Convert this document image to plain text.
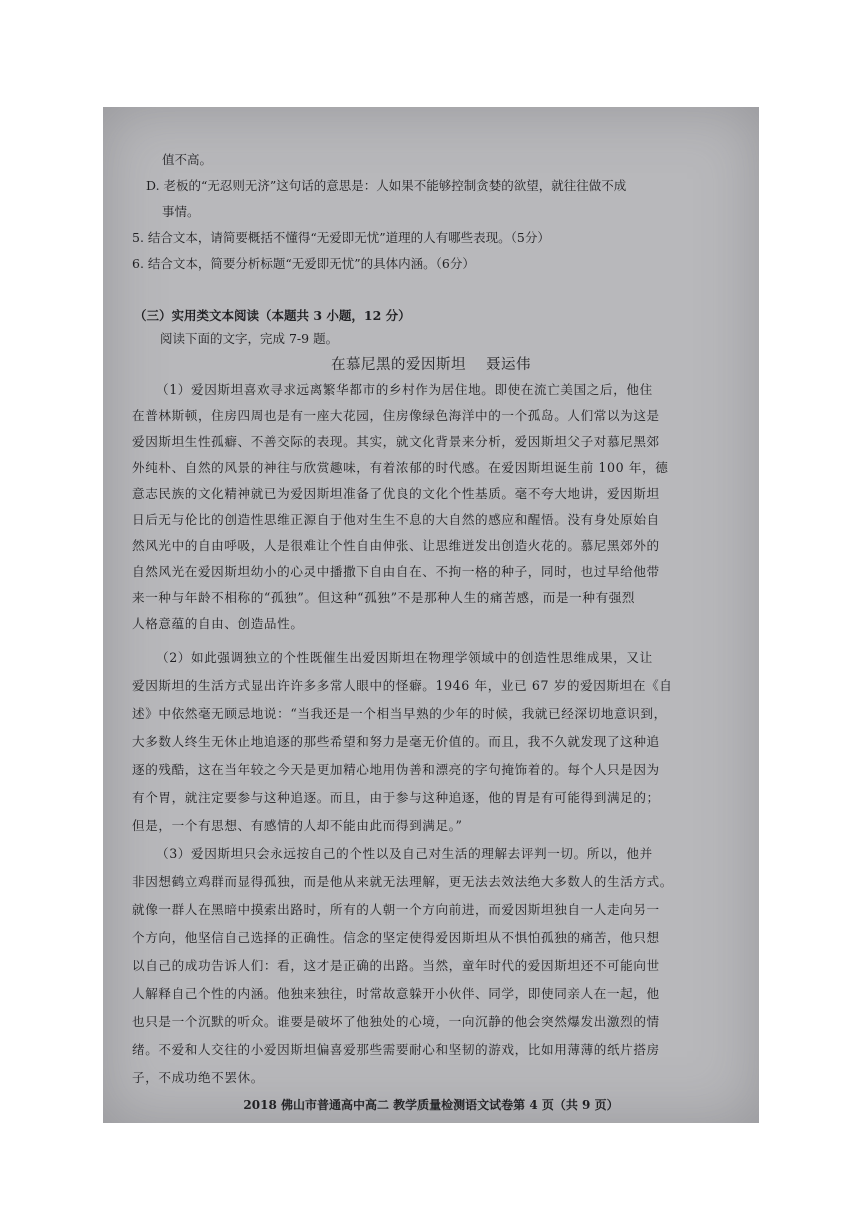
值不高。
D. 老板的“无忍则无济”这句话的意思是：人如果不能够控制贪婪的欲望，就往往做不成
事情。
5. 结合文本，请简要概括不懂得“无爱即无忧”道理的人有哪些表现。（5分）
6. 结合文本，简要分析标题“无爱即无忧”的具体内涵。（6分）
（三）实用类文本阅读（本题共 3 小题，12 分）
阅读下面的文字，完成 7-9 题。
在慕尼黑的爱因斯坦 聂运伟
（1）爱因斯坦喜欢寻求远离繁华都市的乡村作为居住地。即使在流亡美国之后，他住
在普林斯顿，住房四周也是有一座大花园，住房像绿色海洋中的一个孤岛。人们常以为这是
爱因斯坦生性孤癖、不善交际的表现。其实，就文化背景来分析，爱因斯坦父子对慕尼黑郊
外纯朴、自然的风景的神往与欣赏趣味，有着浓郁的时代感。在爱因斯坦诞生前 100 年，德
意志民族的文化精神就已为爱因斯坦准备了优良的文化个性基质。毫不夸大地讲，爱因斯坦
日后无与伦比的创造性思维正源自于他对生生不息的大自然的感应和醒悟。没有身处原始自
然风光中的自由呼吸，人是很难让个性自由伸张、让思维迸发出创造火花的。慕尼黑郊外的
自然风光在爱因斯坦幼小的心灵中播撒下自由自在、不拘一格的种子，同时，也过早给他带
来一种与年龄不相称的“孤独”。但这种“孤独”不是那种人生的痛苦感，而是一种有强烈
人格意蕴的自由、创造品性。
（2）如此强调独立的个性既催生出爱因斯坦在物理学领域中的创造性思维成果，又让
爱因斯坦的生活方式显出许许多多常人眼中的怪癖。1946 年，业已 67 岁的爱因斯坦在《自
述》中依然毫无顾忌地说：“当我还是一个相当早熟的少年的时候，我就已经深切地意识到，
大多数人终生无休止地追逐的那些希望和努力是毫无价值的。而且，我不久就发现了这种追
逐的残酷，这在当年较之今天是更加精心地用伪善和漂亮的字句掩饰着的。每个人只是因为
有个胃，就注定要参与这种追逐。而且，由于参与这种追逐，他的胃是有可能得到满足的；
但是，一个有思想、有感情的人却不能由此而得到满足。”
（3）爱因斯坦只会永远按自己的个性以及自己对生活的理解去评判一切。所以，他并
非因想鹤立鸡群而显得孤独，而是他从来就无法理解，更无法去效法绝大多数人的生活方式。
就像一群人在黑暗中摸索出路时，所有的人朝一个方向前进，而爱因斯坦独自一人走向另一
个方向，他坚信自己选择的正确性。信念的坚定使得爱因斯坦从不惧怕孤独的痛苦，他只想
以自己的成功告诉人们：看，这才是正确的出路。当然，童年时代的爱因斯坦还不可能向世
人解释自己个性的内涵。他独来独往，时常故意躲开小伙伴、同学，即使同亲人在一起，他
也只是一个沉默的听众。谁要是破坏了他独处的心境，一向沉静的他会突然爆发出激烈的情
绪。不爱和人交往的小爱因斯坦偏喜爱那些需要耐心和坚韧的游戏，比如用薄薄的纸片搭房
子，不成功绝不罢休。
2018 佛山市普通高中高二 教学质量检测语文试卷第 4 页（共 9 页）
